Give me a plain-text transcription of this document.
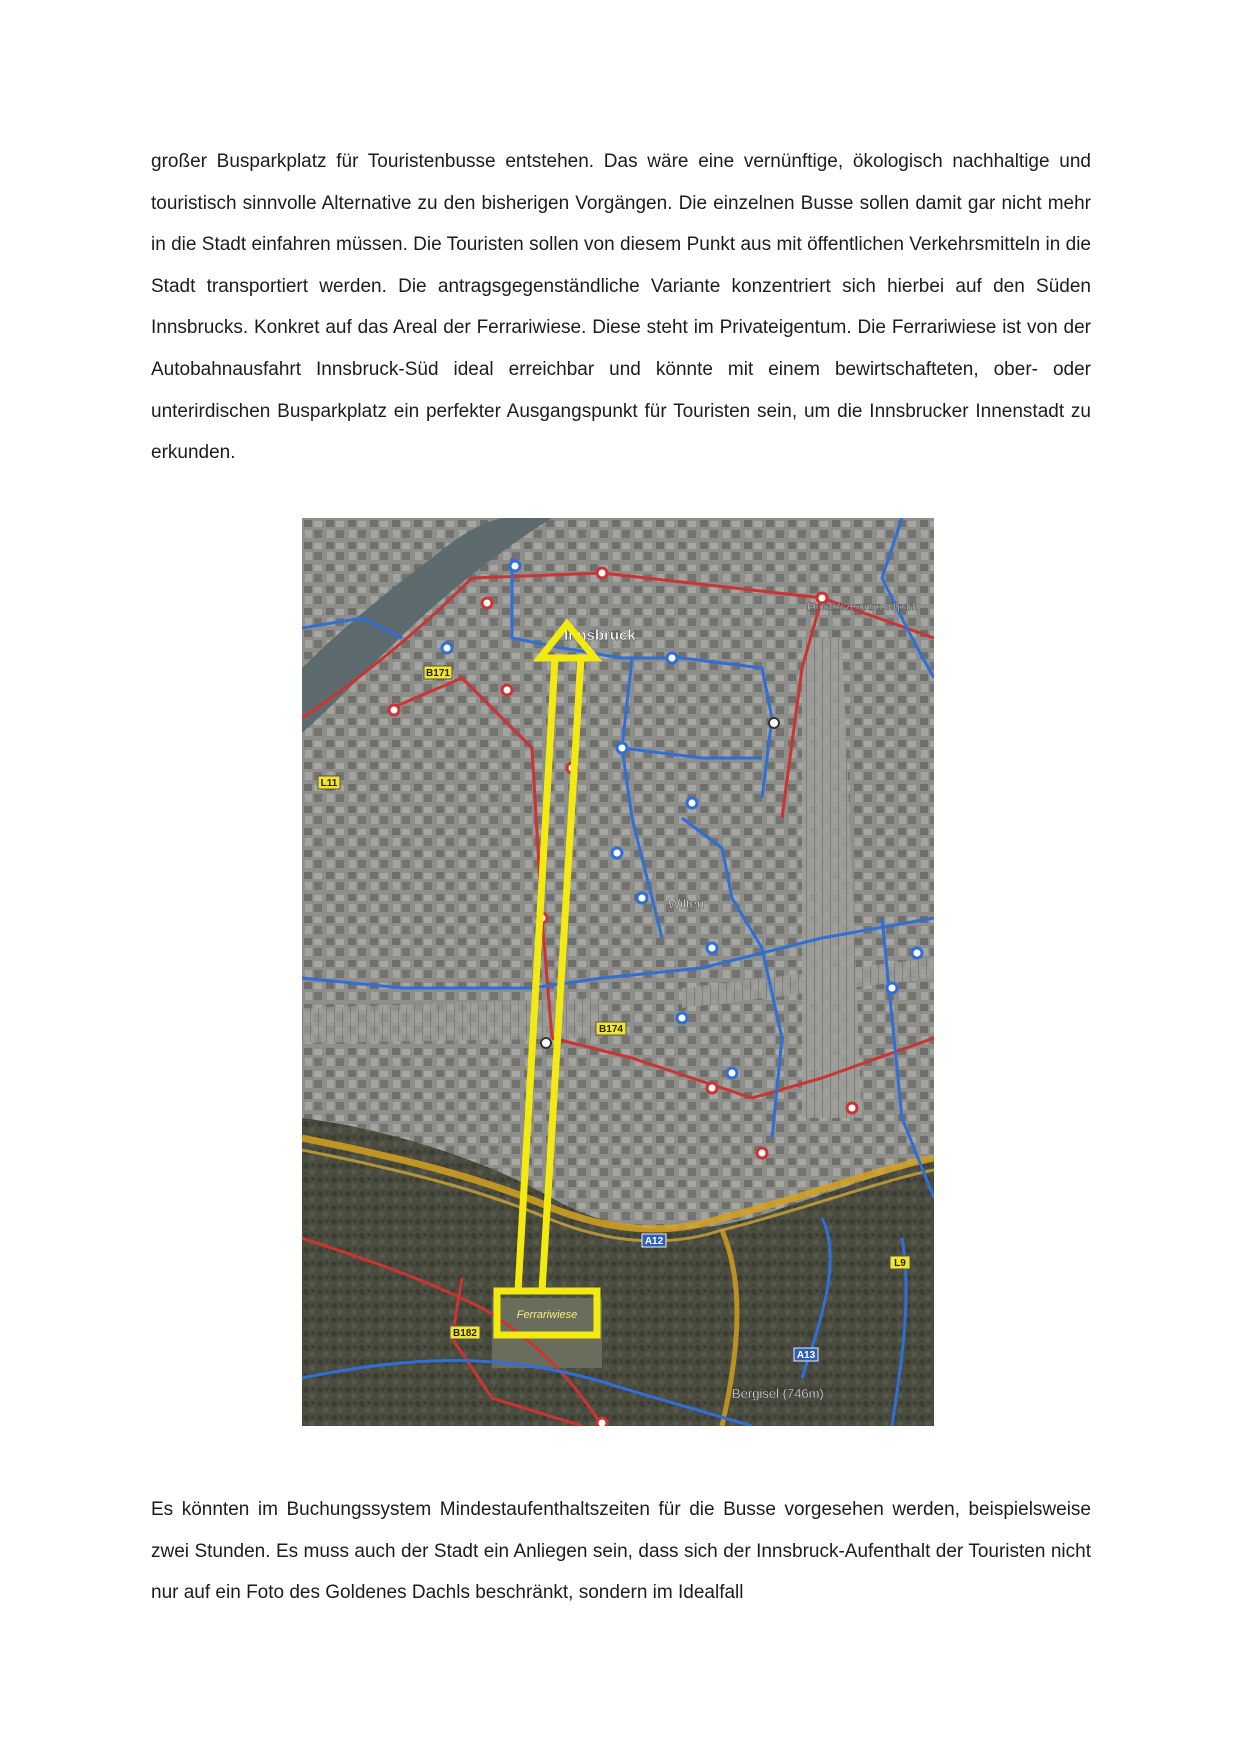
großer Busparkplatz für Touristenbusse entstehen. Das wäre eine vernünftige, ökologisch nachhaltige und touristisch sinnvolle Alternative zu den bisherigen Vorgängen. Die einzelnen Busse sollen damit gar nicht mehr in die Stadt einfahren müssen. Die Touristen sollen von diesem Punkt aus mit öffentlichen Verkehrsmitteln in die Stadt transportiert werden. Die antragsgegenständliche Variante konzentriert sich hierbei auf den Süden Innsbrucks. Konkret auf das Areal der Ferrariwiese. Diese steht im Privateigentum. Die Ferrariwiese ist von der Autobahnausfahrt Innsbruck-Süd ideal erreichbar und könnte mit einem bewirtschafteten, ober- oder unterirdischen Busparkplatz ein perfekter Ausgangspunkt für Touristen sein, um die Innsbrucker Innenstadt zu erkunden.

B171
L11
B174
A12
L9
B182
A13
Innsbruck
Wilten
Bergisel (746m)
Einkaufszentrum Sillpark
Ferrariwiese

Es könnten im Buchungssystem Mindestaufenthaltszeiten für die Busse vorgesehen werden, beispielsweise zwei Stunden. Es muss auch der Stadt ein Anliegen sein, dass sich der Innsbruck-Aufenthalt der Touristen nicht nur auf ein Foto des Goldenes Dachls beschränkt, sondern im Idealfall
